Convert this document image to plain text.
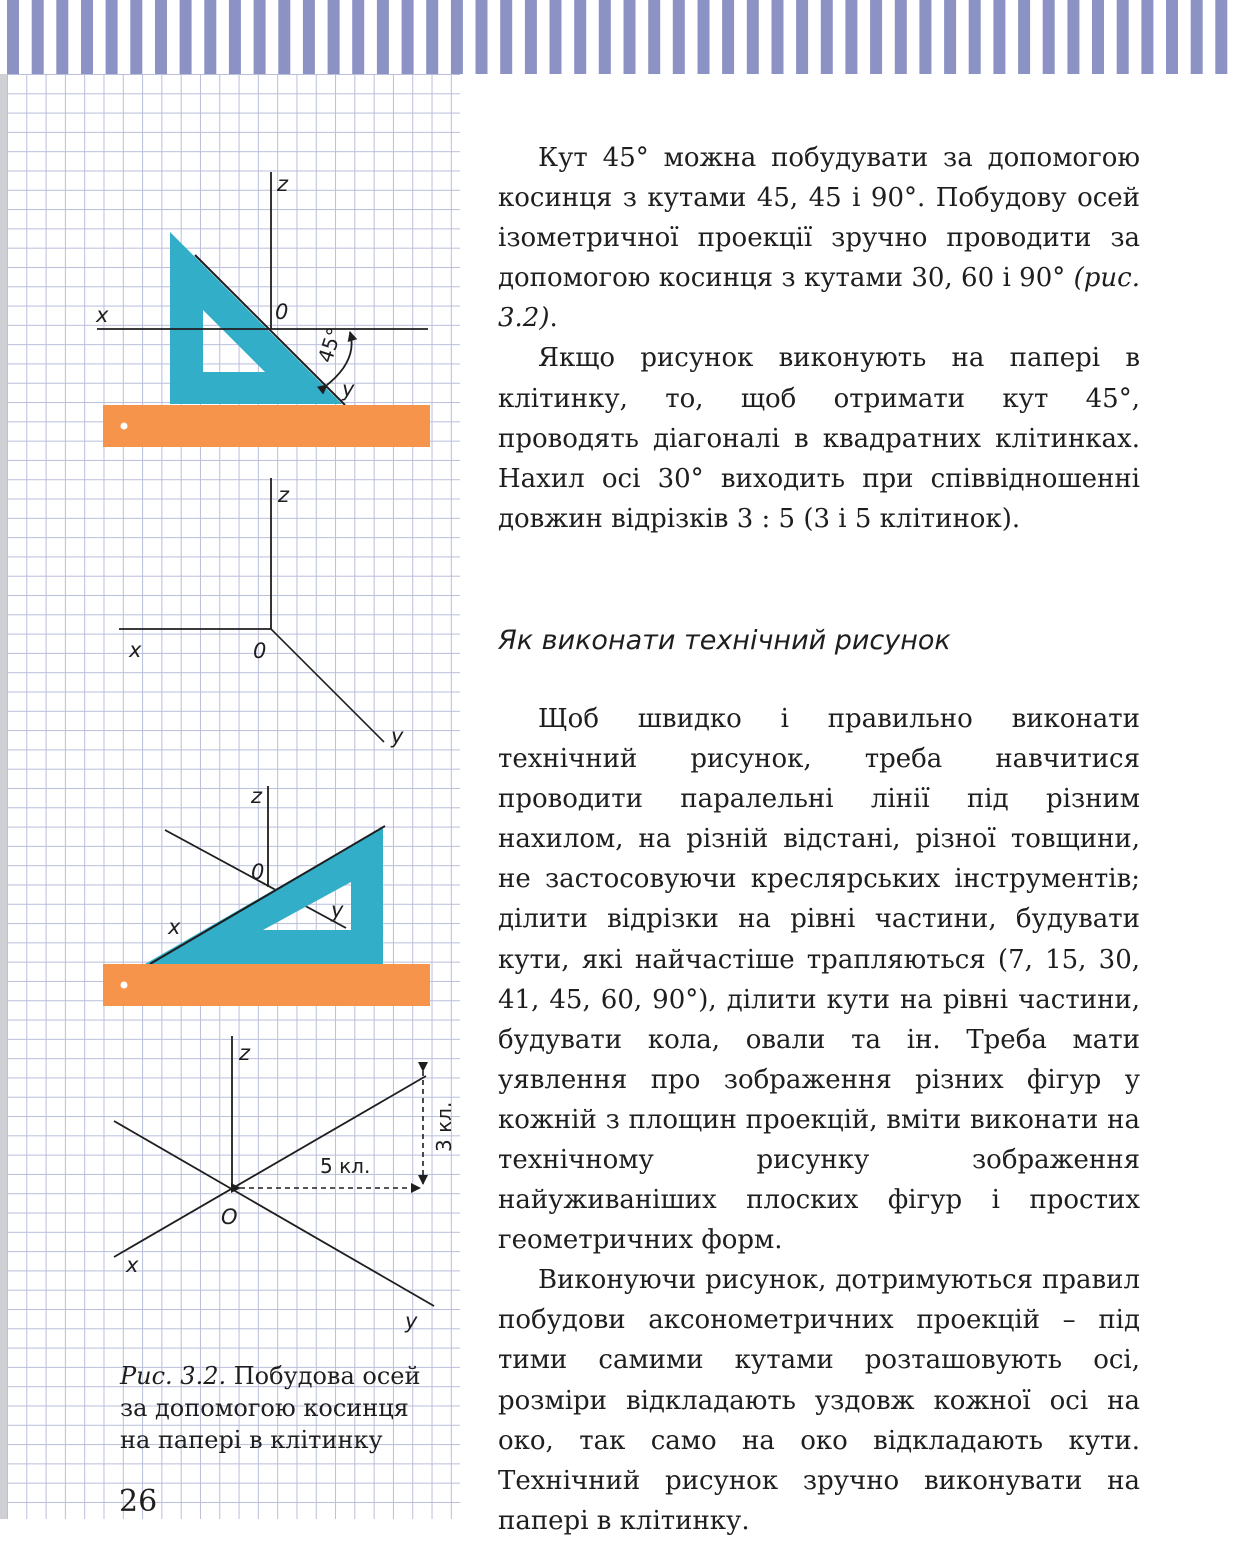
z
x	0
y
45°
z
x	0
y
z
0
y
x
z
O
x
y
5 кл.
3 кл.

Рис. 3.2. Побудова осей за допомогою косинця на папері в клітинку

26

Кут 45° можна побудувати за допомогою косинця з кутами 45, 45 і 90°. Побудову осей ізометричної проекції зручно проводити за допомогою косинця з кутами 30, 60 і 90° (рис. 3.2).

Якщо рисунок виконують на папері в клітинку, то, щоб отримати кут 45°, проводять діагоналі в квадратних клітинках. Нахил осі 30° виходить при співвідношенні довжин відрізків 3 : 5 (3 і 5 клітинок).

Як виконати технічний рисунок

Щоб швидко і правильно виконати технічний рисунок, треба навчитися проводити паралельні лінії під різним нахилом, на різній відстані, різної товщини, не застосовуючи креслярських інструментів; ділити відрізки на рівні частини, будувати кути, які найчастіше трапляються (7, 15, 30, 41, 45, 60, 90°), ділити кути на рівні частини, будувати кола, овали та ін. Треба мати уявлення про зображення різних фігур у кожній з площин проекцій, вміти виконати на технічному рисунку зображення найуживаніших плоских фігур і простих геометричних форм.

Виконуючи рисунок, дотримуються правил побудови аксонометричних проекцій – під тими самими кутами розташовують осі, розміри відкладають уздовж кожної осі на око, так само на око відкладають кути. Технічний рисунок зручно виконувати на папері в клітинку.
